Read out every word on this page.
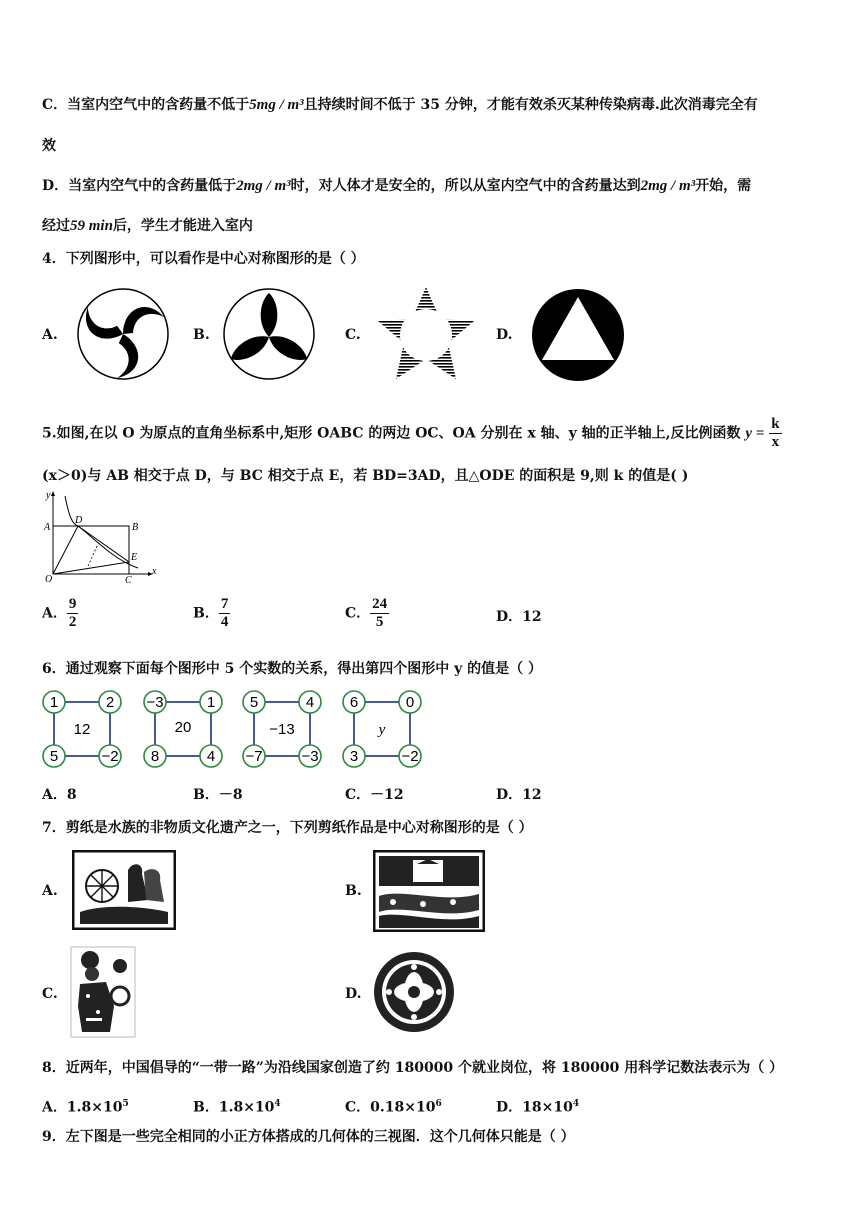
C．当室内空气中的含药量不低于5mg / m³且持续时间不低于 35 分钟，才能有效杀灭某种传染病毒.此次消毒完全有
效
D．当室内空气中的含药量低于2mg / m³时，对人体才是安全的，所以从室内空气中的含药量达到2mg / m³开始，需
经过59 min后，学生才能进入室内
4．下列图形中，可以看作是中心对称图形的是（ ）
A.	B.	C.	D.
5.如图,在以 O 为原点的直角坐标系中,矩形 OABC 的两边 OC、OA 分别在 x 轴、y 轴的正半轴上,反比例函数 $y = \frac{k}{x}$
(x＞0)与 AB 相交于点 D，与 BC 相交于点 E，若 BD=3AD，且△ODE 的面积是 9,则 k 的值是( )
y
x
A	B
D
E
O	C
A． $\frac{9}{2}$	B． $\frac{7}{4}$	C． $\frac{24}{5}$	D．12
6．通过观察下面每个图形中 5 个实数的关系，得出第四个图形中 y 的值是（ ）
1	2
12
5	−2
−3	1
20
8	4
5	4
−13
−7	−3
6	0
y
3	−2
A．8	B．－8	C．－12	D．12
7．剪纸是水族的非物质文化遗产之一，下列剪纸作品是中心对称图形的是（ ）
A.	B.
C.	D.
8．近两年，中国倡导的“一带一路”为沿线国家创造了约 180000 个就业岗位，将 180000 用科学记数法表示为（ ）
A．$1.8\times 10^5$	B．$1.8\times 10^4$	C．$0.18\times 10^6$	D．$18\times 10^4$
9．左下图是一些完全相同的小正方体搭成的几何体的三视图．这个几何体只能是（ ）
